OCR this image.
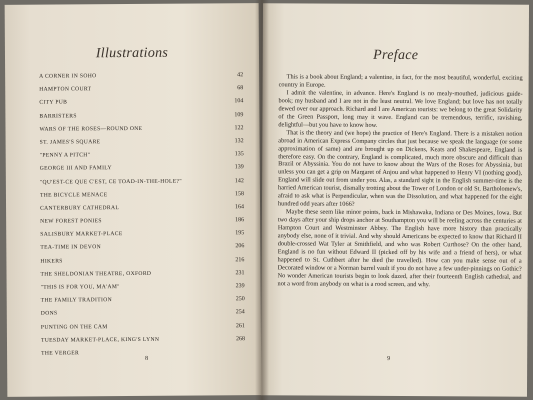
Illustrations
A CORNER IN SOHO	42
HAMPTON COURT	68
CITY PUB	104
BARRISTERS	109
WARS OF THE ROSES—ROUND ONE	122
ST. JAMES'S SQUARE	132
"PENNY A PITCH"	135
GEORGE III AND FAMILY	139
"QU'EST-CE QUE C'EST, CE TOAD-IN-THE-HOLE?"	142
THE BICYCLE MENACE	158
CANTERBURY CATHEDRAL	164
NEW FOREST PONIES	186
SALISBURY MARKET-PLACE	195
TEA-TIME IN DEVON	206
HIKERS	216
THE SHELDONIAN THEATRE, OXFORD	231
"THIS IS FOR YOU, MA'AM"	239
THE FAMILY TRADITION	250
DONS	254
PUNTING ON THE CAM	261
TUESDAY MARKET-PLACE, KING'S LYNN	268
THE VERGER
8
Preface

This is a book about England; a valentine, in fact, for the most beautiful, wonderful, exciting country in Europe.

I admit the valentine, in advance. Here's England is no mealy-mouthed, judicious guide-book; my husband and I are not in the least neutral. We love England; but love has not totally dewed over our approach. Richard and I are American tourists: we belong to the great Solidarity of the Green Passport, long may it wave. England can be tremendous, terrific, ravishing, delightful—but you have to know how.

That is the theory and (we hope) the practice of Here's England. There is a mistaken notion abroad in American Express Company circles that just because we speak the language (or some approximation of same) and are brought up on Dickens, Keats and Shakespeare, England is therefore easy. On the contrary, England is complicated, much more obscure and difficult than Brazil or Abyssinia. You do not have to know about the Wars of the Roses for Abyssinia, but unless you can get a grip on Margaret of Anjou and what happened to Henry VI (nothing good), England will slide out from under you. Alas, a standard sight in the English summer-time is the harried American tourist, dismally trotting about the Tower of London or old St. Bartholomew's, afraid to ask what is Perpendicular, when was the Dissolution, and what happened for the eight hundred odd years after 1066?

Maybe these seem like minor points, back in Mishawaka, Indiana or Des Moines, Iowa. But two days after your ship drops anchor at Southampton you will be reeling across the centuries at Hampton Court and Westminster Abbey. The English have more history than practically anybody else, none of it trivial. And why should Americans be expected to know that Richard II double-crossed Wat Tyler at Smithfield, and who was Robert Curthose? On the other hand, England is no fun without Edward II (picked off by his wife and a friend of hers), or what happened to St. Cuthbert after he died (he travelled). How can you make sense out of a Decorated window or a Norman barrel vault if you do not have a few under-pinnings on Gothic? No wonder American tourists begin to look dazed, after their fourteenth English cathedral, and not a word from anybody on what is a rood screen, and why.

9
